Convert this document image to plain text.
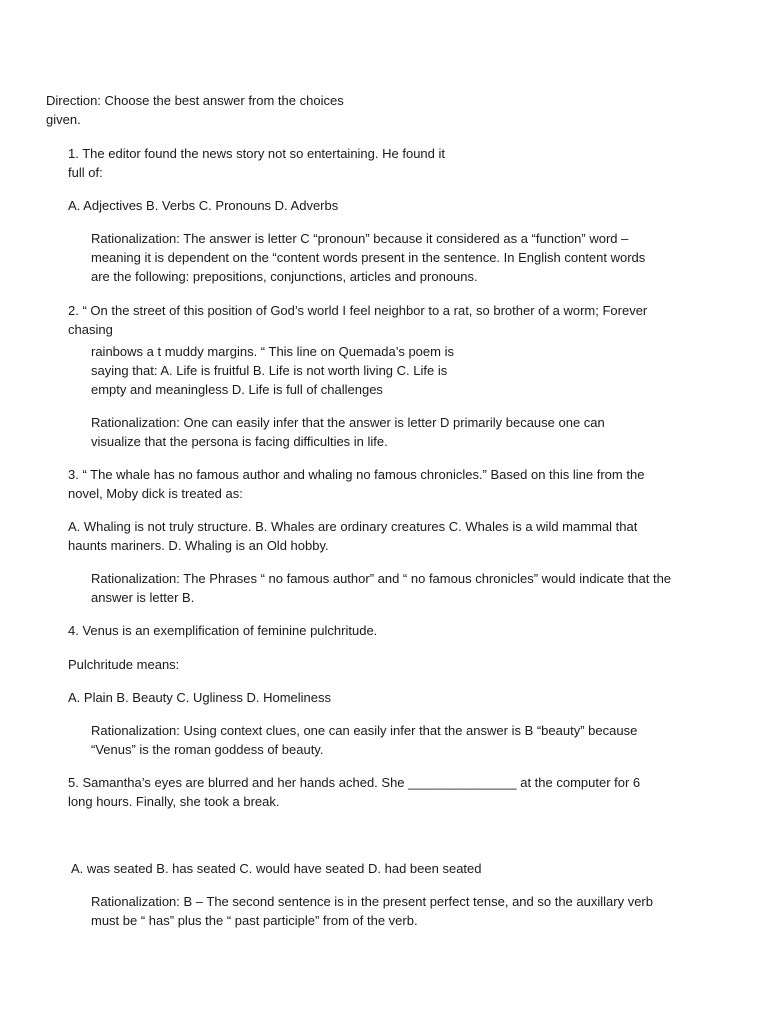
Direction: Choose the best answer from the choices
given.

1. The editor found the news story not so entertaining. He found it
full of:

A. Adjectives B. Verbs C. Pronouns D. Adverbs

Rationalization: The answer is letter C “pronoun” because it considered as a “function” word –
meaning it is dependent on the “content words present in the sentence. In English content words
are the following: prepositions, conjunctions, articles and pronouns.

2. “ On the street of this position of God’s world I feel neighbor to a rat, so brother of a worm; Forever
chasing

rainbows a t muddy margins. “ This line on Quemada’s poem is
saying that: A. Life is fruitful B. Life is not worth living C. Life is
empty and meaningless D. Life is full of challenges

Rationalization: One can easily infer that the answer is letter D primarily because one can
visualize that the persona is facing difficulties in life.

3. “ The whale has no famous author and whaling no famous chronicles.” Based on this line from the
novel, Moby dick is treated as:

A. Whaling is not truly structure. B. Whales are ordinary creatures C. Whales is a wild mammal that
haunts mariners. D. Whaling is an Old hobby.

Rationalization: The Phrases “ no famous author” and “ no famous chronicles” would indicate that the
answer is letter B.

4. Venus is an exemplification of feminine pulchritude.

Pulchritude means:

A. Plain B. Beauty C. Ugliness D. Homeliness

Rationalization: Using context clues, one can easily infer that the answer is B “beauty” because
“Venus” is the roman goddess of beauty.

5. Samantha’s eyes are blurred and her hands ached. She _______________ at the computer for 6
long hours. Finally, she took a break.

A. was seated B. has seated C. would have seated D. had been seated

Rationalization: B – The second sentence is in the present perfect tense, and so the auxillary verb
must be “ has” plus the “ past participle” from of the verb.
